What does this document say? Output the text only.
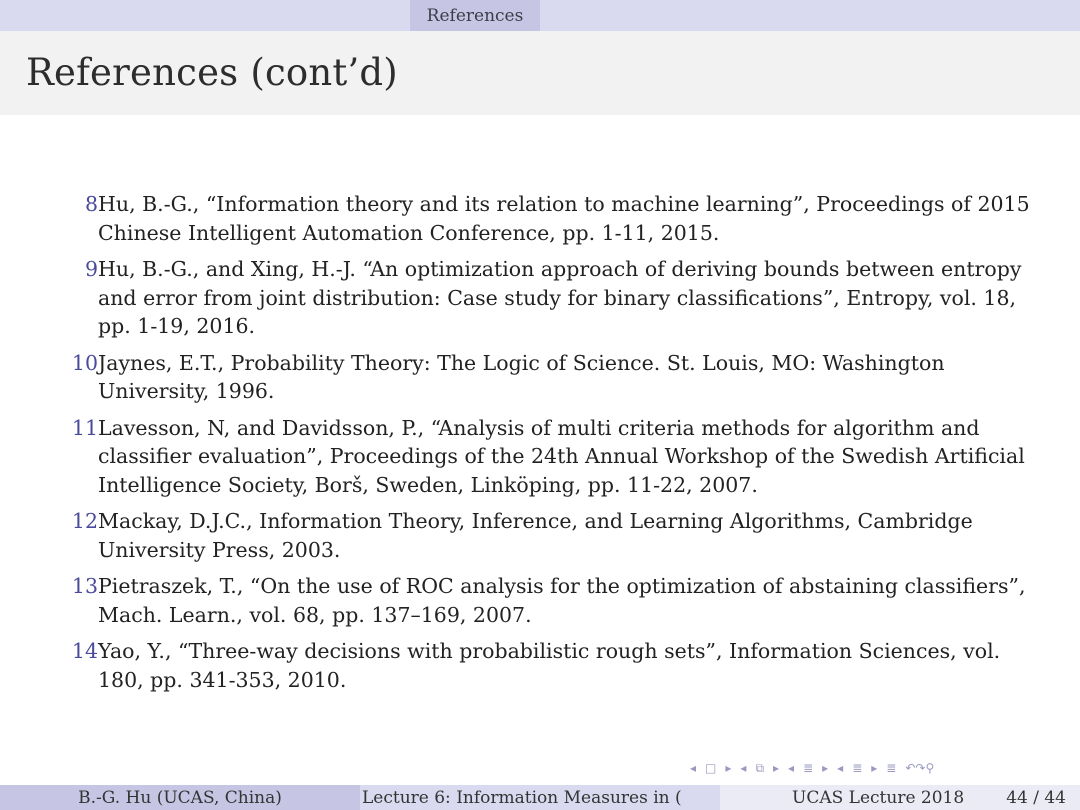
References
References (cont’d)
8 Hu, B.-G., “Information theory and its relation to machine learning”, Proceedings of 2015 Chinese Intelligent Automation Conference, pp. 1-11, 2015.
9 Hu, B.-G., and Xing, H.-J. “An optimization approach of deriving bounds between entropy and error from joint distribution: Case study for binary classifications”, Entropy, vol. 18, pp. 1-19, 2016.
10 Jaynes, E.T., Probability Theory: The Logic of Science. St. Louis, MO: Washington University, 1996.
11 Lavesson, N, and Davidsson, P., “Analysis of multi criteria methods for algorithm and classifier evaluation”, Proceedings of the 24th Annual Workshop of the Swedish Artificial Intelligence Society, Borš, Sweden, Linköping, pp. 11-22, 2007.
12 Mackay, D.J.C., Information Theory, Inference, and Learning Algorithms, Cambridge University Press, 2003.
13 Pietraszek, T., “On the use of ROC analysis for the optimization of abstaining classifiers”, Mach. Learn., vol. 68, pp. 137–169, 2007.
14 Yao, Y., “Three-way decisions with probabilistic rough sets”, Information Sciences, vol. 180, pp. 341-353, 2010.
◂ □ ▸ ◂ ⧉ ▸ ◂ ≣ ▸ ◂ ≣ ▸ ≣ ↶↷⚲
B.-G. Hu (UCAS, China)	Lecture 6: Information Measures in (	UCAS Lecture 2018 44 / 44
